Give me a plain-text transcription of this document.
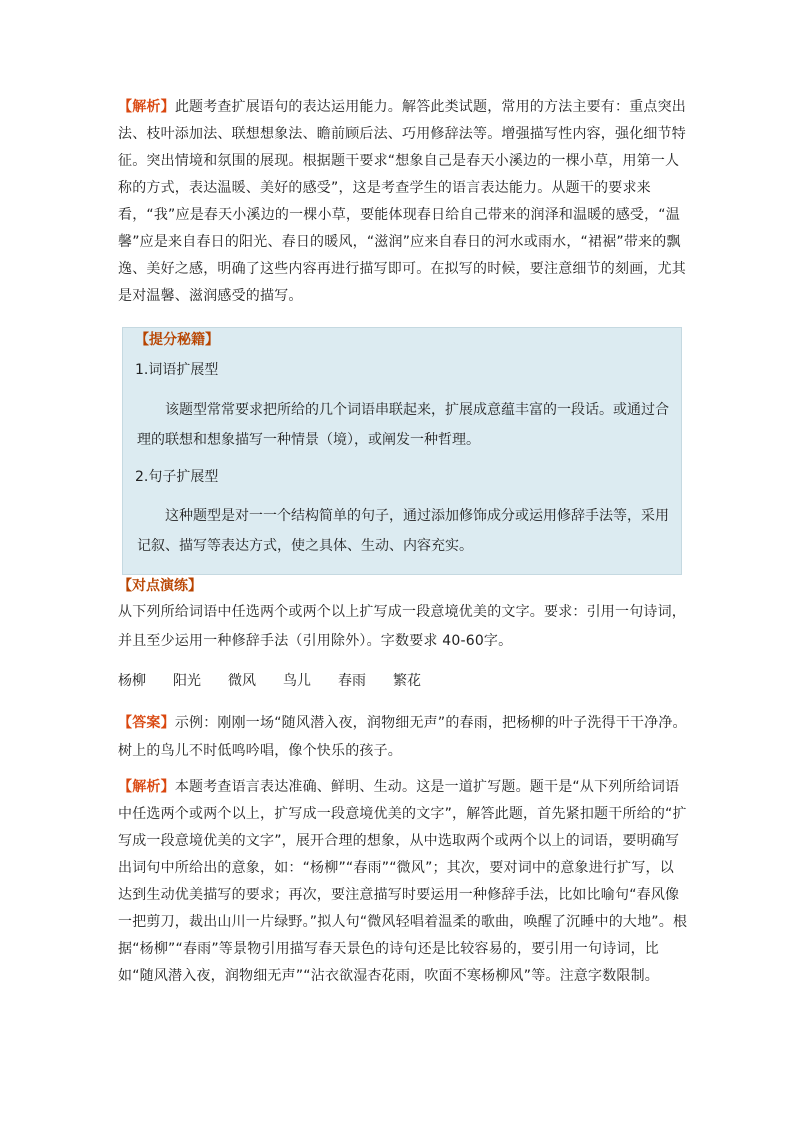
【解析】此题考查扩展语句的表达运用能力。解答此类试题，常用的方法主要有：重点突出法、枝叶添加法、联想想象法、瞻前顾后法、巧用修辞法等。增强描写性内容，强化细节特征。突出情境和氛围的展现。根据题干要求“想象自己是春天小溪边的一棵小草，用第一人称的方式，表达温暖、美好的感受”，这是考查学生的语言表达能力。从题干的要求来看，“我”应是春天小溪边的一棵小草，要能体现春日给自己带来的润泽和温暖的感受，“温馨”应是来自春日的阳光、春日的暖风，“滋润”应来自春日的河水或雨水，“裙裾”带来的飘逸、美好之感，明确了这些内容再进行描写即可。在拟写的时候，要注意细节的刻画，尤其是对温馨、滋润感受的描写。

【提分秘籍】
1.词语扩展型

该题型常常要求把所给的几个词语串联起来，扩展成意蕴丰富的一段话。或通过合理的联想和想象描写一种情景（境），或阐发一种哲理。

2.句子扩展型

这种题型是对一一个结构简单的句子，通过添加修饰成分或运用修辞手法等，采用记叙、描写等表达方式，使之具体、生动、内容充实。

【对点演练】

从下列所给词语中任选两个或两个以上扩写成一段意境优美的文字。要求：引用一句诗词，并且至少运用一种修辞手法（引用除外）。字数要求 40-60字。

杨柳 阳光 微风 鸟儿 春雨 繁花

【答案】示例：刚刚一场“随风潜入夜，润物细无声”的春雨，把杨柳的叶子洗得干干净净。树上的鸟儿不时低鸣吟唱，像个快乐的孩子。

【解析】本题考查语言表达准确、鲜明、生动。这是一道扩写题。题干是“从下列所给词语中任选两个或两个以上，扩写成一段意境优美的文字”，解答此题，首先紧扣题干所给的“扩写成一段意境优美的文字”，展开合理的想象，从中选取两个或两个以上的词语，要明确写出词句中所给出的意象，如：“杨柳”“春雨”“微风”；其次，要对词中的意象进行扩写，以达到生动优美描写的要求；再次，要注意描写时要运用一种修辞手法，比如比喻句“春风像一把剪刀，裁出山川一片绿野。”拟人句“微风轻唱着温柔的歌曲，唤醒了沉睡中的大地”。根据“杨柳”“春雨”等景物引用描写春天景色的诗句还是比较容易的，要引用一句诗词，比如“随风潜入夜，润物细无声”“沾衣欲湿杏花雨，吹面不寒杨柳风”等。注意字数限制。
